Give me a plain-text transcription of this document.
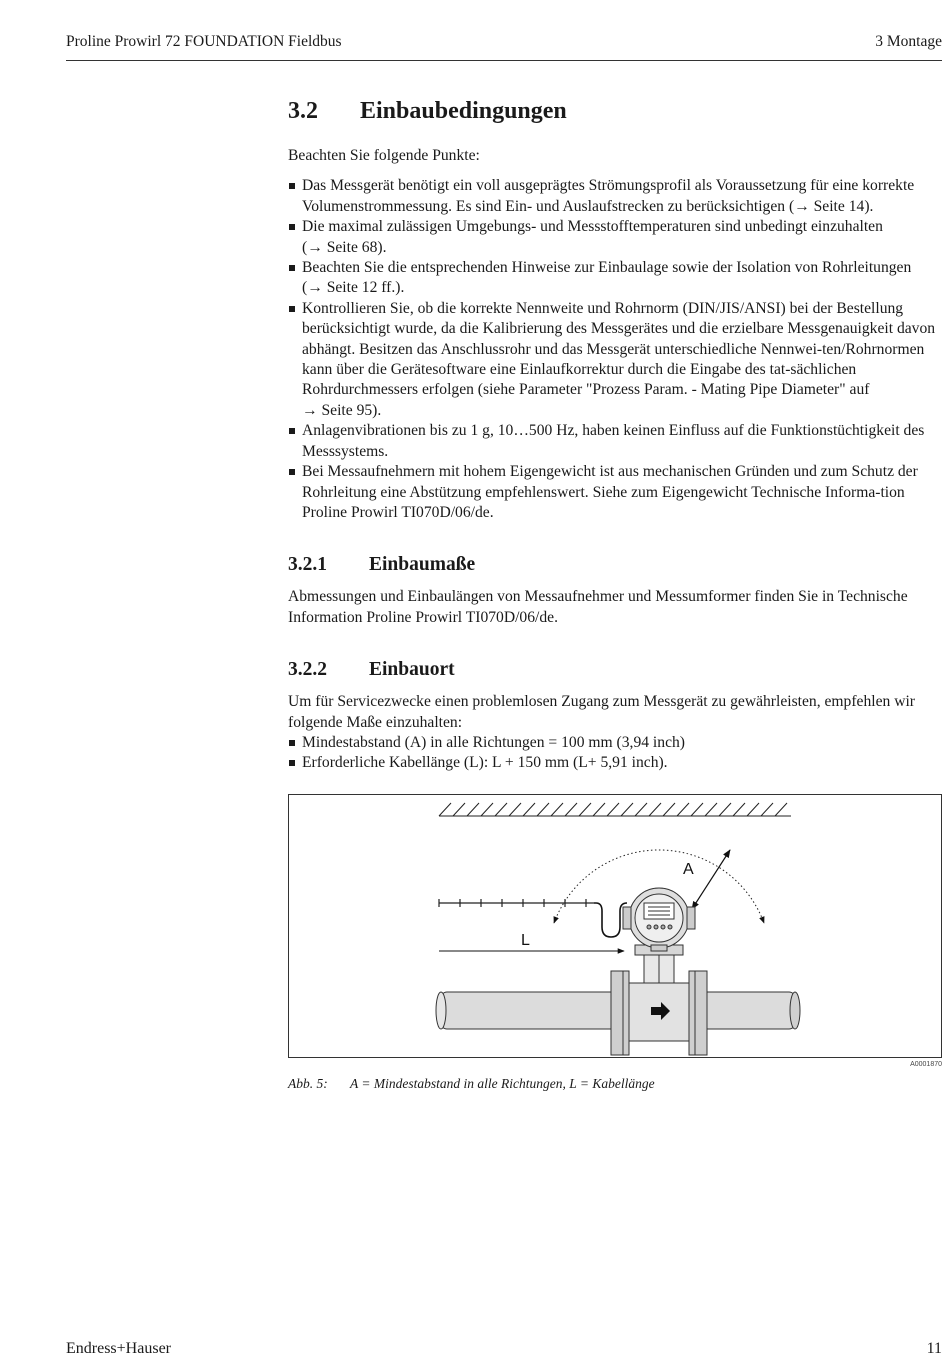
Proline Prowirl 72 FOUNDATION Fieldbus	3 Montage
3.2 Einbaubedingungen

Beachten Sie folgende Punkte:

Das Messgerät benötigt ein voll ausgeprägtes Strömungsprofil als Voraussetzung für eine korrekte Volumenstrommessung. Es sind Ein- und Auslaufstrecken zu berücksichtigen (→ Seite 14).
Die maximal zulässigen Umgebungs- und Messstofftemperaturen sind unbedingt einzuhalten (→ Seite 68).
Beachten Sie die entsprechenden Hinweise zur Einbaulage sowie der Isolation von Rohrleitungen (→ Seite 12 ff.).
Kontrollieren Sie, ob die korrekte Nennweite und Rohrnorm (DIN/JIS/ANSI) bei der Bestellung berücksichtigt wurde, da die Kalibrierung des Messgerätes und die erzielbare Messgenauigkeit davon abhängt. Besitzen das Anschlussrohr und das Messgerät unterschiedliche Nennwei-ten/Rohrnormen kann über die Gerätesoftware eine Einlaufkorrektur durch die Eingabe des tat-sächlichen Rohrdurchmessers erfolgen (siehe Parameter "Prozess Param. - Mating Pipe Diameter" auf → Seite 95).
Anlagenvibrationen bis zu 1 g, 10…500 Hz, haben keinen Einfluss auf die Funktionstüchtigkeit des Messsystems.
Bei Messaufnehmern mit hohem Eigengewicht ist aus mechanischen Gründen und zum Schutz der Rohrleitung eine Abstützung empfehlenswert. Siehe zum Eigengewicht Technische Informa-tion Proline Prowirl TI070D/06/de.
3.2.1 Einbaumaße

Abmessungen und Einbaulängen von Messaufnehmer und Messumformer finden Sie in Technische Information Proline Prowirl TI070D/06/de.

3.2.2 Einbauort

Um für Servicezwecke einen problemlosen Zugang zum Messgerät zu gewährleisten, empfehlen wir folgende Maße einzuhalten:

Mindestabstand (A) in alle Richtungen = 100 mm (3,94 inch)
Erforderliche Kabellänge (L): L + 150 mm (L+ 5,91 inch).
A
L
A0001870
Abb. 5: A = Mindestabstand in alle Richtungen, L = Kabellänge
Endress+Hauser	11
